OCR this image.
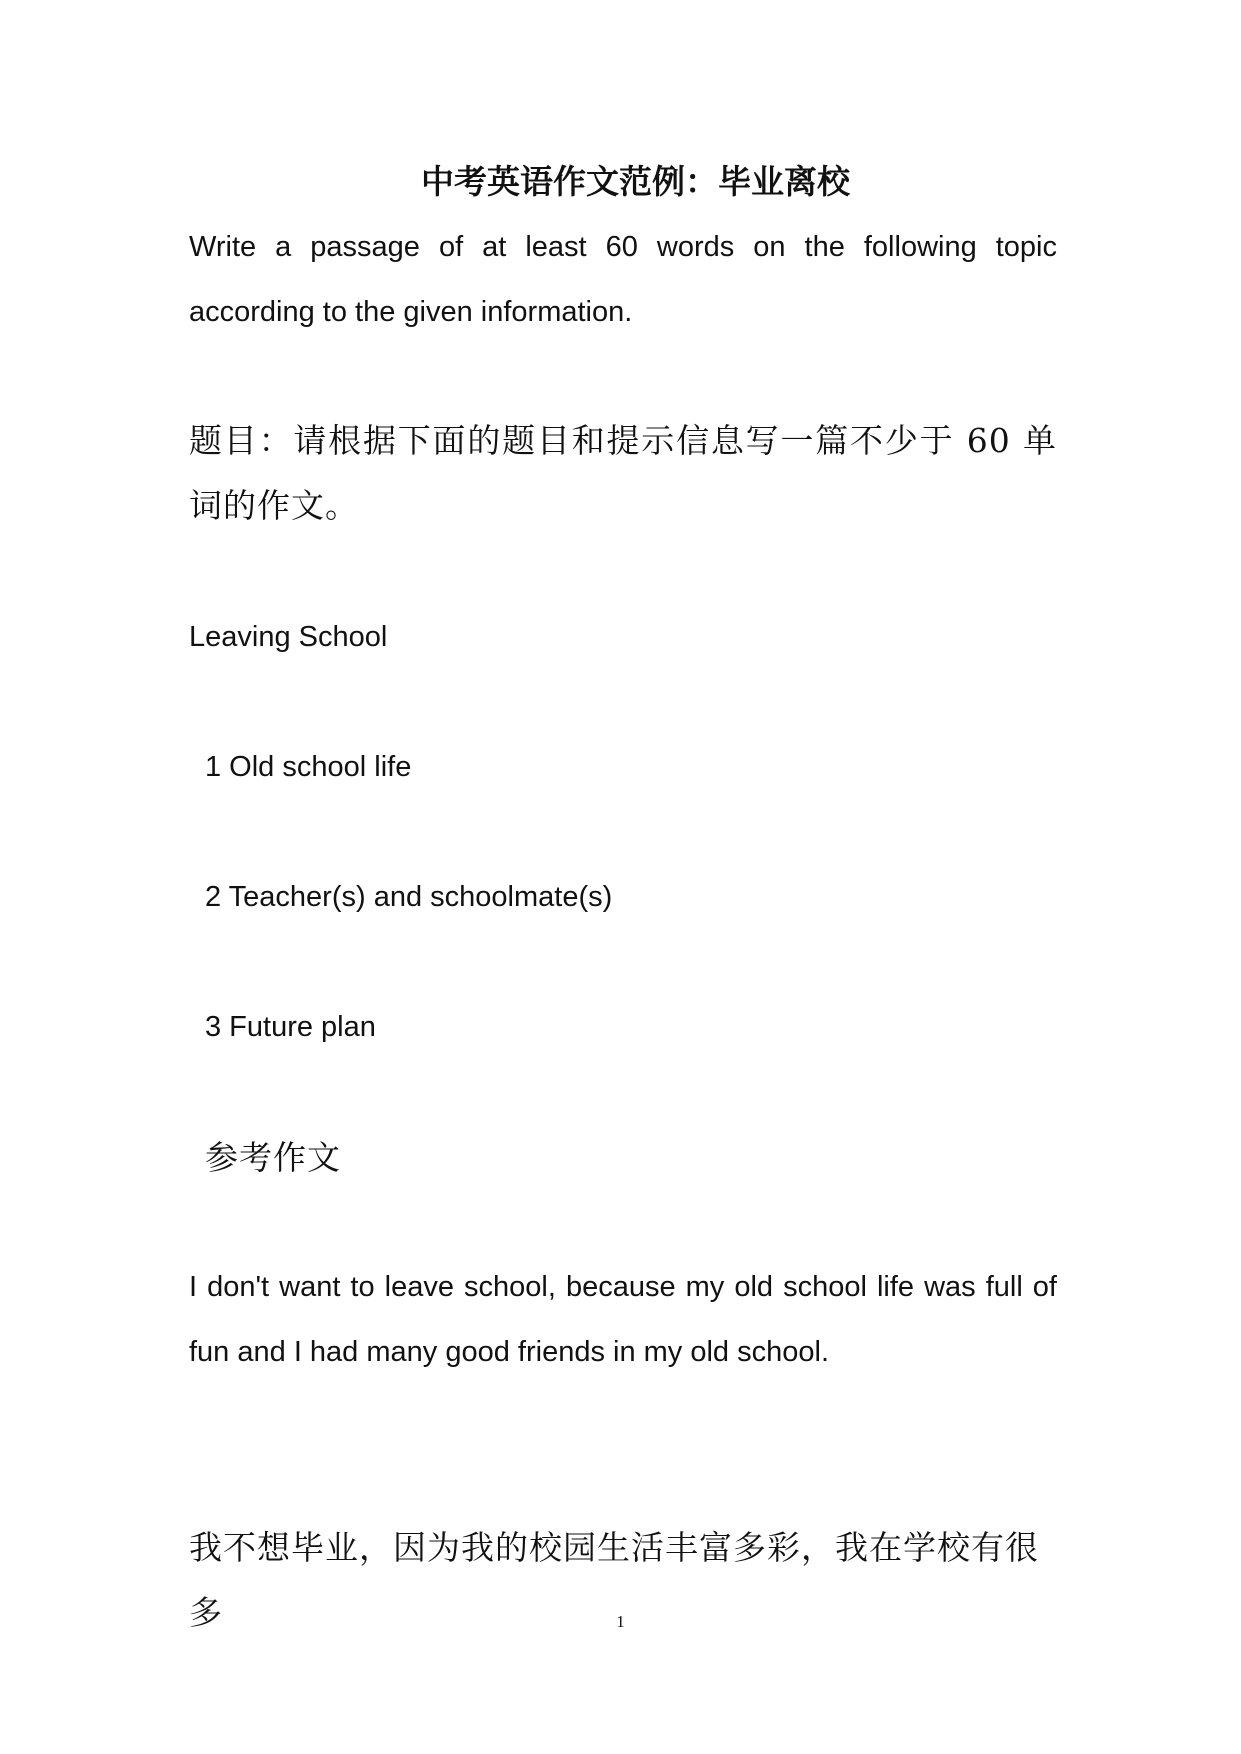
中考英语作文范例：毕业离校

Write a passage of at least 60 words on the following topic according to the given information.

题目：请根据下面的题目和提示信息写一篇不少于 60 单词的作文。

Leaving School

1 Old school life

2 Teacher(s) and schoolmate(s)

3 Future plan

参考作文

I don't want to leave school, because my old school life was full of fun and I had many good friends in my old school.

我不想毕业，因为我的校园生活丰富多彩，我在学校有很多	1
